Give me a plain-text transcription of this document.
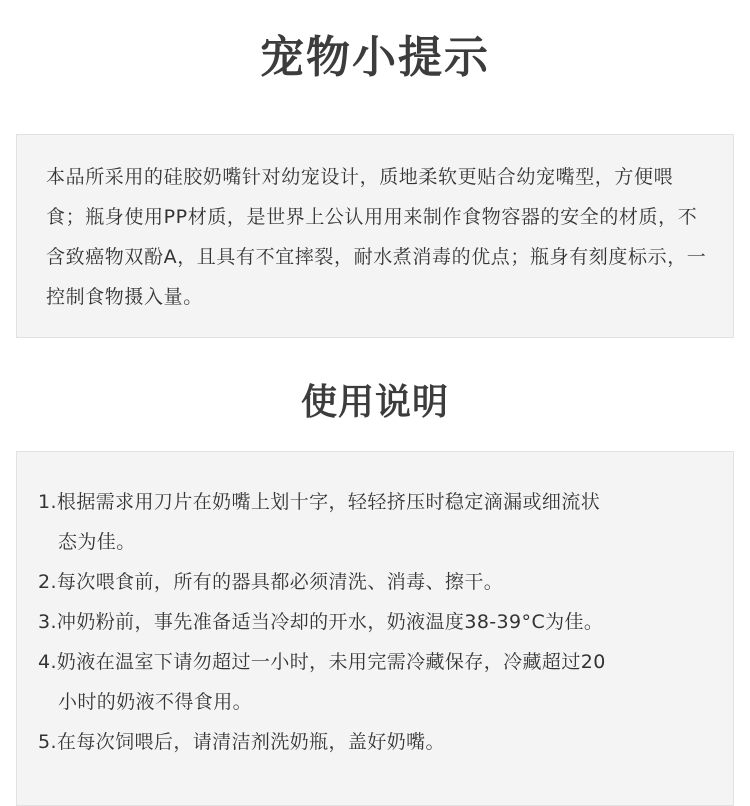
宠物小提示

本品所采用的硅胶奶嘴针对幼宠设计，质地柔软更贴合幼宠嘴型，方便喂食；瓶身使用PP材质，是世界上公认用用来制作食物容器的安全的材质，不含致癌物双酚A，且具有不宜摔裂，耐水煮消毒的优点；瓶身有刻度标示，一控制食物摄入量。

使用说明
1.根据需求用刀片在奶嘴上划十字，轻轻挤压时稳定滴漏或细流状
态为佳。
2.每次喂食前，所有的器具都必须清洗、消毒、擦干。
3.冲奶粉前，事先准备适当冷却的开水，奶液温度38-39°C为佳。
4.奶液在温室下请勿超过一小时，未用完需冷藏保存，冷藏超过20
小时的奶液不得食用。
5.在每次饲喂后，请清洁剂洗奶瓶，盖好奶嘴。
